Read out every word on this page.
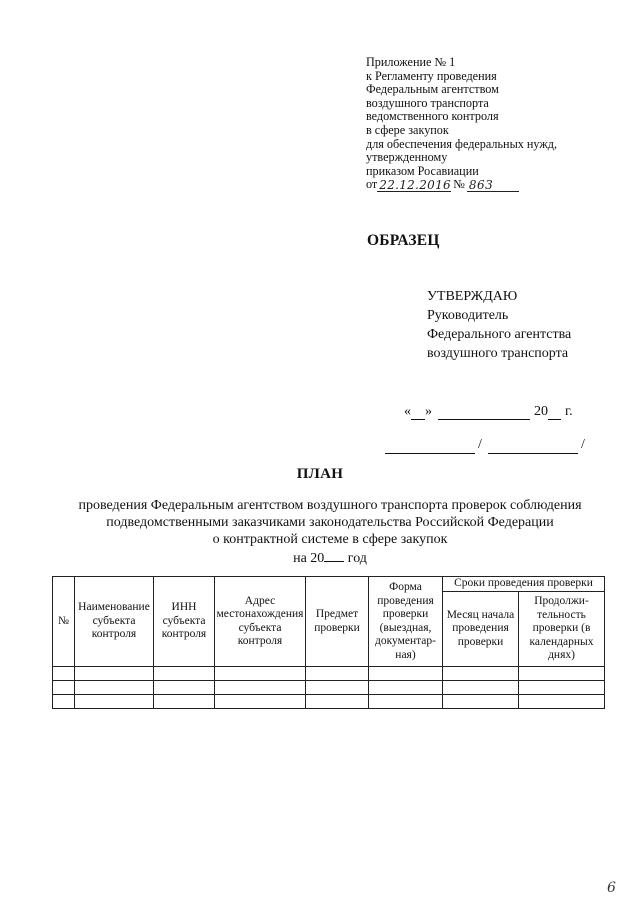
Приложение № 1
к Регламенту проведения
Федеральным агентством
воздушного транспорта
ведомственного контроля
в сфере закупок
для обеспечения федеральных нужд,
утвержденному
приказом Росавиации
от 22.12.2016 № 863
ОБРАЗЕЦ
УТВЕРЖДАЮ
Руководитель
Федерального агентства
воздушного транспорта
« »	20 г.
/	/
ПЛАН
проведения Федеральным агентством воздушного транспорта проверок соблюдения
подведомственными заказчиками законодательства Российской Федерации
о контрактной системе в сфере закупок
на 20 год
№	Наименование субъекта контроля	ИНН субъекта контроля	Адрес местонахождения субъекта контроля	Предмет проверки	Форма проведения проверки (выездная, документар-ная)	Сроки проведения проверки	
						Месяц начала проведения проверки	Продолжи-тельность проверки (в календарных днях)

6
